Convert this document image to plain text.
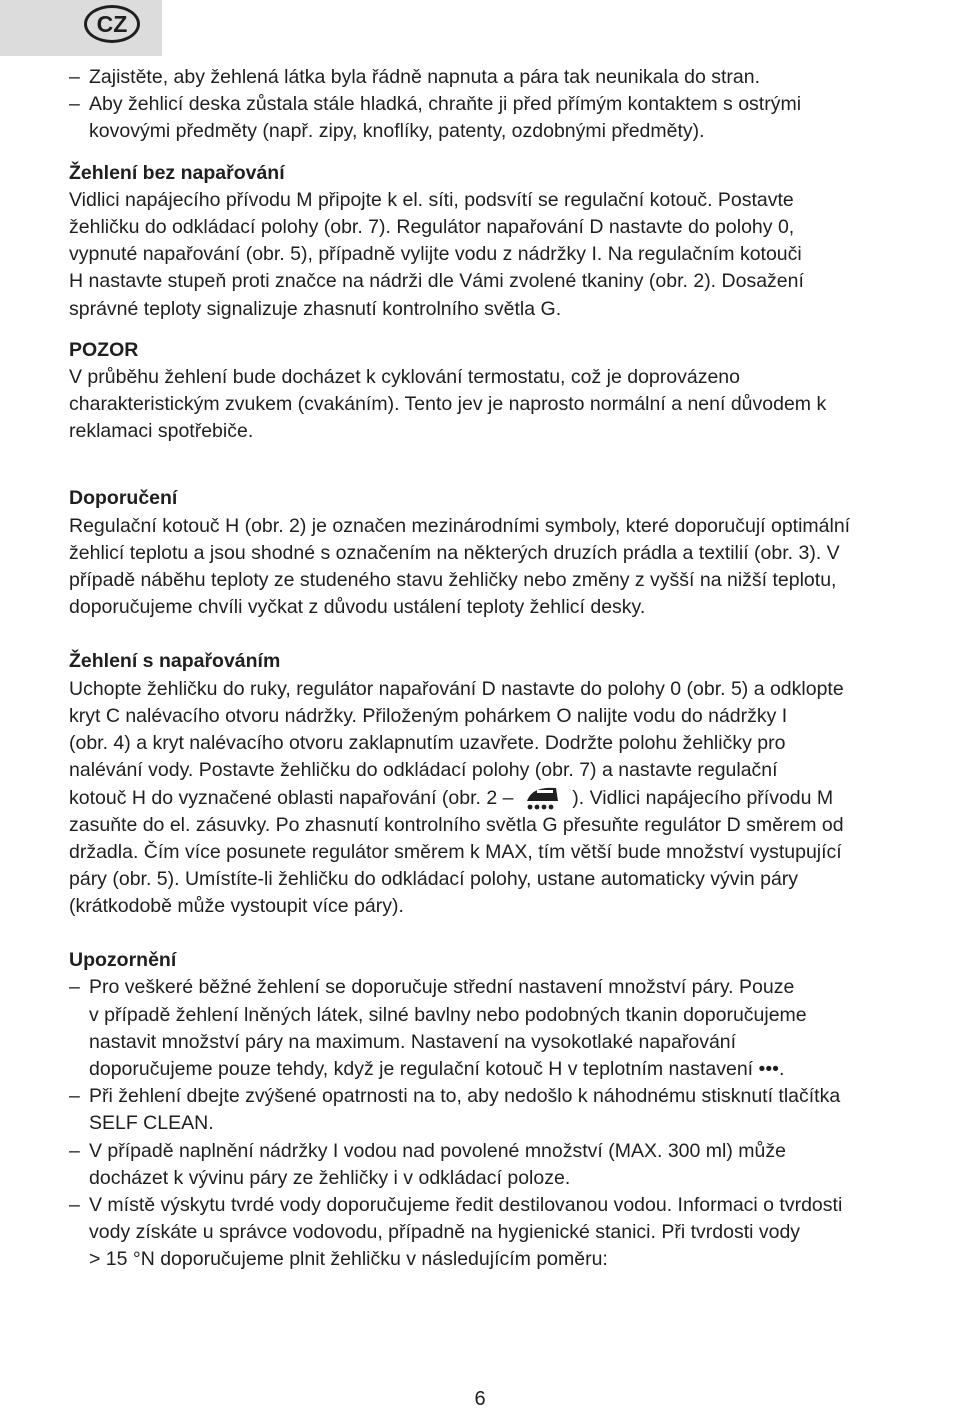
CZ
– Zajistěte, aby žehlená látka byla řádně napnuta a pára tak neunikala do stran.
– Aby žehlicí deska zůstala stále hladká, chraňte ji před přímým kontaktem s ostrými
kovovými předměty (např. zipy, knoflíky, patenty, ozdobnými předměty).
Žehlení bez napařování
Vidlici napájecího přívodu M připojte k el. síti, podsvítí se regulační kotouč. Postavte
žehličku do odkládací polohy (obr. 7). Regulátor napařování D nastavte do polohy 0,
vypnuté napařování (obr. 5), případně vylijte vodu z nádržky I. Na regulačním kotouči
H nastavte stupeň proti značce na nádrži dle Vámi zvolené tkaniny (obr. 2). Dosažení
správné teploty signalizuje zhasnutí kontrolního světla G.
POZOR
V průběhu žehlení bude docházet k cyklování termostatu, což je doprovázeno
charakteristickým zvukem (cvakáním). Tento jev je naprosto normální a není důvodem k
reklamaci spotřebiče.
Doporučení
Regulační kotouč H (obr. 2) je označen mezinárodními symboly, které doporučují optimální
žehlicí teplotu a jsou shodné s označením na některých druzích prádla a textilií (obr. 3). V
případě náběhu teploty ze studeného stavu žehličky nebo změny z vyšší na nižší teplotu,
doporučujeme chvíli vyčkat z důvodu ustálení teploty žehlicí desky.
Žehlení s napařováním
Uchopte žehličku do ruky, regulátor napařování D nastavte do polohy 0 (obr. 5) a odklopte
kryt C nalévacího otvoru nádržky. Přiloženým pohárkem O nalijte vodu do nádržky I
(obr. 4) a kryt nalévacího otvoru zaklapnutím uzavřete. Dodržte polohu žehličky pro
nalévání vody. Postavte žehličku do odkládací polohy (obr. 7) a nastavte regulační
kotouč H do vyznačené oblasti napařování (obr. 2 –	). Vidlici napájecího přívodu M
zasuňte do el. zásuvky. Po zhasnutí kontrolního světla G přesuňte regulátor D směrem od
držadla. Čím více posunete regulátor směrem k MAX, tím větší bude množství vystupující
páry (obr. 5). Umístíte-li žehličku do odkládací polohy, ustane automaticky vývin páry
(krátkodobě může vystoupit více páry).
Upozornění
– Pro veškeré běžné žehlení se doporučuje střední nastavení množství páry. Pouze
v případě žehlení lněných látek, silné bavlny nebo podobných tkanin doporučujeme
nastavit množství páry na maximum. Nastavení na vysokotlaké napařování
doporučujeme pouze tehdy, když je regulační kotouč H v teplotním nastavení •••.
– Při žehlení dbejte zvýšené opatrnosti na to, aby nedošlo k náhodnému stisknutí tlačítka
SELF CLEAN.
– V případě naplnění nádržky I vodou nad povolené množství (MAX. 300 ml) může
docházet k vývinu páry ze žehličky i v odkládací poloze.
– V místě výskytu tvrdé vody doporučujeme ředit destilovanou vodou. Informaci o tvrdosti
vody získáte u správce vodovodu, případně na hygienické stanici. Při tvrdosti vody
> 15 °N doporučujeme plnit žehličku v následujícím poměru:
6
